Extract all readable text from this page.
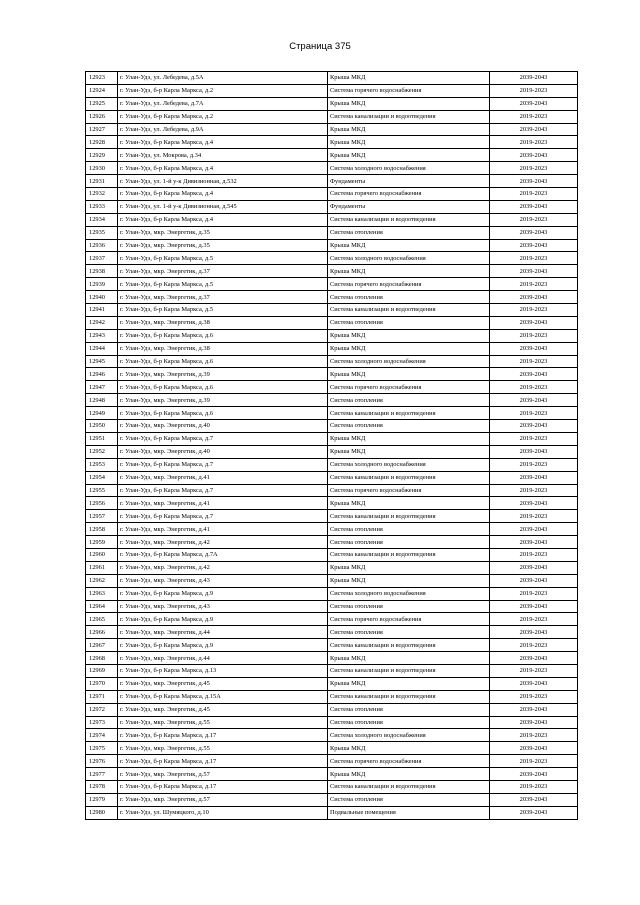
Страница 375
12923	г. Улан-Удэ, ул. Лебедева, д.5А	Крыша МКД	2039-2043
12924	г. Улан-Удэ, б-р Карла Маркса, д.2	Система горячего водоснабжения	2019-2023
12925	г. Улан-Удэ, ул. Лебедева, д.7А	Крыша МКД	2039-2043
12926	г. Улан-Удэ, б-р Карла Маркса, д.2	Система канализации и водоотведения	2019-2023
12927	г. Улан-Удэ, ул. Лебедева, д.9А	Крыша МКД	2039-2043
12928	г. Улан-Удэ, б-р Карла Маркса, д.4	Крыша МКД	2019-2023
12929	г. Улан-Удэ, ул. Мокрова, д.34	Крыша МКД	2039-2043
12930	г. Улан-Удэ, б-р Карла Маркса, д.4	Система холодного водоснабжения	2019-2023
12931	г. Улан-Удэ, ул. 1-й у-к Дивизионная, д.532	Фундаменты	2039-2043
12932	г. Улан-Удэ, б-р Карла Маркса, д.4	Система горячего водоснабжения	2019-2023
12933	г. Улан-Удэ, ул. 1-й у-к Дивизионная, д.545	Фундаменты	2039-2043
12934	г. Улан-Удэ, б-р Карла Маркса, д.4	Система канализации и водоотведения	2019-2023
12935	г. Улан-Удэ, мкр. Энергетик, д.35	Система отопления	2039-2043
12936	г. Улан-Удэ, мкр. Энергетик, д.35	Крыша МКД	2039-2043
12937	г. Улан-Удэ, б-р Карла Маркса, д.5	Система холодного водоснабжения	2019-2023
12938	г. Улан-Удэ, мкр. Энергетик, д.37	Крыша МКД	2039-2043
12939	г. Улан-Удэ, б-р Карла Маркса, д.5	Система горячего водоснабжения	2019-2023
12940	г. Улан-Удэ, мкр. Энергетик, д.37	Система отопления	2039-2043
12941	г. Улан-Удэ, б-р Карла Маркса, д.5	Система канализации и водоотведения	2019-2023
12942	г. Улан-Удэ, мкр. Энергетик, д.38	Система отопления	2039-2043
12943	г. Улан-Удэ, б-р Карла Маркса, д.6	Крыша МКД	2019-2023
12944	г. Улан-Удэ, мкр. Энергетик, д.38	Крыша МКД	2039-2043
12945	г. Улан-Удэ, б-р Карла Маркса, д.6	Система холодного водоснабжения	2019-2023
12946	г. Улан-Удэ, мкр. Энергетик, д.39	Крыша МКД	2039-2043
12947	г. Улан-Удэ, б-р Карла Маркса, д.6	Система горячего водоснабжения	2019-2023
12948	г. Улан-Удэ, мкр. Энергетик, д.39	Система отопления	2039-2043
12949	г. Улан-Удэ, б-р Карла Маркса, д.6	Система канализации и водоотведения	2019-2023
12950	г. Улан-Удэ, мкр. Энергетик, д.40	Система отопления	2039-2043
12951	г. Улан-Удэ, б-р Карла Маркса, д.7	Крыша МКД	2019-2023
12952	г. Улан-Удэ, мкр. Энергетик, д.40	Крыша МКД	2039-2043
12953	г. Улан-Удэ, б-р Карла Маркса, д.7	Система холодного водоснабжения	2019-2023
12954	г. Улан-Удэ, мкр. Энергетик, д.41	Система канализации и водоотведения	2039-2043
12955	г. Улан-Удэ, б-р Карла Маркса, д.7	Система горячего водоснабжения	2019-2023
12956	г. Улан-Удэ, мкр. Энергетик, д.41	Крыша МКД	2039-2043
12957	г. Улан-Удэ, б-р Карла Маркса, д.7	Система канализации и водоотведения	2019-2023
12958	г. Улан-Удэ, мкр. Энергетик, д.41	Система отопления	2039-2043
12959	г. Улан-Удэ, мкр. Энергетик, д.42	Система отопления	2039-2043
12960	г. Улан-Удэ, б-р Карла Маркса, д.7А	Система канализации и водоотведения	2019-2023
12961	г. Улан-Удэ, мкр. Энергетик, д.42	Крыша МКД	2039-2043
12962	г. Улан-Удэ, мкр. Энергетик, д.43	Крыша МКД	2039-2043
12963	г. Улан-Удэ, б-р Карла Маркса, д.9	Система холодного водоснабжения	2019-2023
12964	г. Улан-Удэ, мкр. Энергетик, д.43	Система отопления	2039-2043
12965	г. Улан-Удэ, б-р Карла Маркса, д.9	Система горячего водоснабжения	2019-2023
12966	г. Улан-Удэ, мкр. Энергетик, д.44	Система отопления	2039-2043
12967	г. Улан-Удэ, б-р Карла Маркса, д.9	Система канализации и водоотведения	2019-2023
12968	г. Улан-Удэ, мкр. Энергетик, д.44	Крыша МКД	2039-2043
12969	г. Улан-Удэ, б-р Карла Маркса, д.13	Система канализации и водоотведения	2019-2023
12970	г. Улан-Удэ, мкр. Энергетик, д.45	Крыша МКД	2039-2043
12971	г. Улан-Удэ, б-р Карла Маркса, д.15А	Система канализации и водоотведения	2019-2023
12972	г. Улан-Удэ, мкр. Энергетик, д.45	Система отопления	2039-2043
12973	г. Улан-Удэ, мкр. Энергетик, д.55	Система отопления	2039-2043
12974	г. Улан-Удэ, б-р Карла Маркса, д.17	Система холодного водоснабжения	2019-2023
12975	г. Улан-Удэ, мкр. Энергетик, д.55	Крыша МКД	2039-2043
12976	г. Улан-Удэ, б-р Карла Маркса, д.17	Система горячего водоснабжения	2019-2023
12977	г. Улан-Удэ, мкр. Энергетик, д.57	Крыша МКД	2039-2043
12978	г. Улан-Удэ, б-р Карла Маркса, д.17	Система канализации и водоотведения	2019-2023
12979	г. Улан-Удэ, мкр. Энергетик, д.57	Система отопления	2039-2043
12980	г. Улан-Удэ, ул. Шумяцкого, д.10	Подвальные помещения	2039-2043
